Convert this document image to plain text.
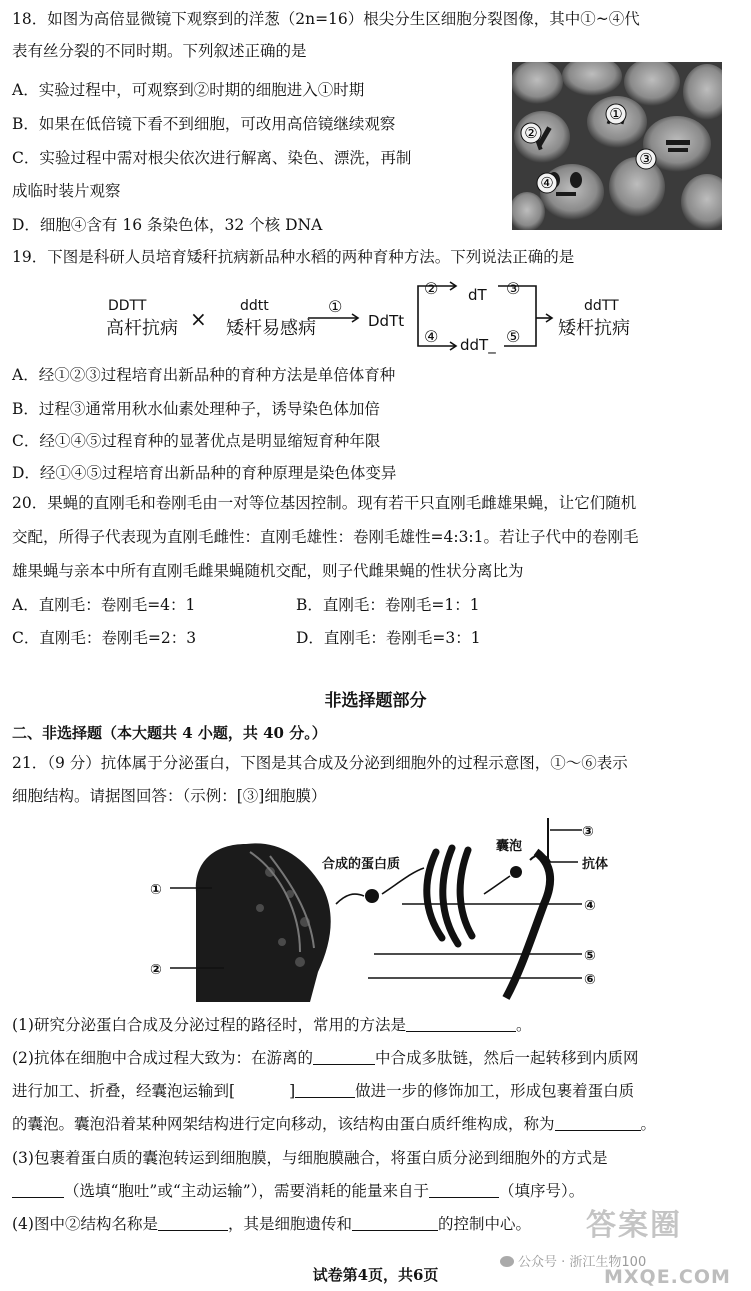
18．如图为高倍显微镜下观察到的洋葱（2n=16）根尖分生区细胞分裂图像，其中①~④代
表有丝分裂的不同时期。下列叙述正确的是
A．实验过程中，可观察到②时期的细胞进入①时期
B．如果在低倍镜下看不到细胞，可改用高倍镜继续观察
C．实验过程中需对根尖依次进行解离、染色、漂洗，再制
成临时装片观察
D．细胞④含有 16 条染色体，32 个核 DNA
①
②
③
④
19．下图是科研人员培育矮秆抗病新品种水稻的两种育种方法。下列说法正确的是
DDTT
高杆抗病 ×
ddtt
矮杆易感病
①
DdTt
② dT ③
④ ddT_ ⑤
ddTT
矮杆抗病
A．经①②③过程培育出新品种的育种方法是单倍体育种
B．过程③通常用秋水仙素处理种子，诱导染色体加倍
C．经①④⑤过程育种的显著优点是明显缩短育种年限
D．经①④⑤过程培育出新品种的育种原理是染色体变异
20．果蝇的直刚毛和卷刚毛由一对等位基因控制。现有若干只直刚毛雌雄果蝇，让它们随机
交配，所得子代表现为直刚毛雌性：直刚毛雄性：卷刚毛雄性=4:3:1。若让子代中的卷刚毛
雄果蝇与亲本中所有直刚毛雌果蝇随机交配，则子代雌果蝇的性状分离比为
A．直刚毛：卷刚毛=4：1	B．直刚毛：卷刚毛=1：1
C．直刚毛：卷刚毛=2：3	D．直刚毛：卷刚毛=3：1
非选择题部分
二、非选择题（本大题共 4 小题，共 40 分。）
21．（9 分）抗体属于分泌蛋白，下图是其合成及分泌到细胞外的过程示意图，①～⑥表示
细胞结构。请据图回答：（示例：[③]细胞膜）
合成的蛋白质
囊泡
抗体
①
②
③
④
⑤
⑥
(1)研究分泌蛋白合成及分泌过程的路径时，常用的方法是	。
(2)抗体在细胞中合成过程大致为：在游离的	中合成多肽链，然后一起转移到内质网
进行加工、折叠，经囊泡运输到[	]	做进一步的修饰加工，形成包裹着蛋白质
的囊泡。囊泡沿着某种网架结构进行定向移动，该结构由蛋白质纤维构成，称为	。
(3)包裹着蛋白质的囊泡转运到细胞膜，与细胞膜融合，将蛋白质分泌到细胞外的方式是
（选填“胞吐”或“主动运输”），需要消耗的能量来自于	（填序号）。
(4)图中②结构名称是	，其是细胞遗传和	的控制中心。 答案圈
公众号 · 浙江生物100
MXQE.COM
试卷第4页，共6页
